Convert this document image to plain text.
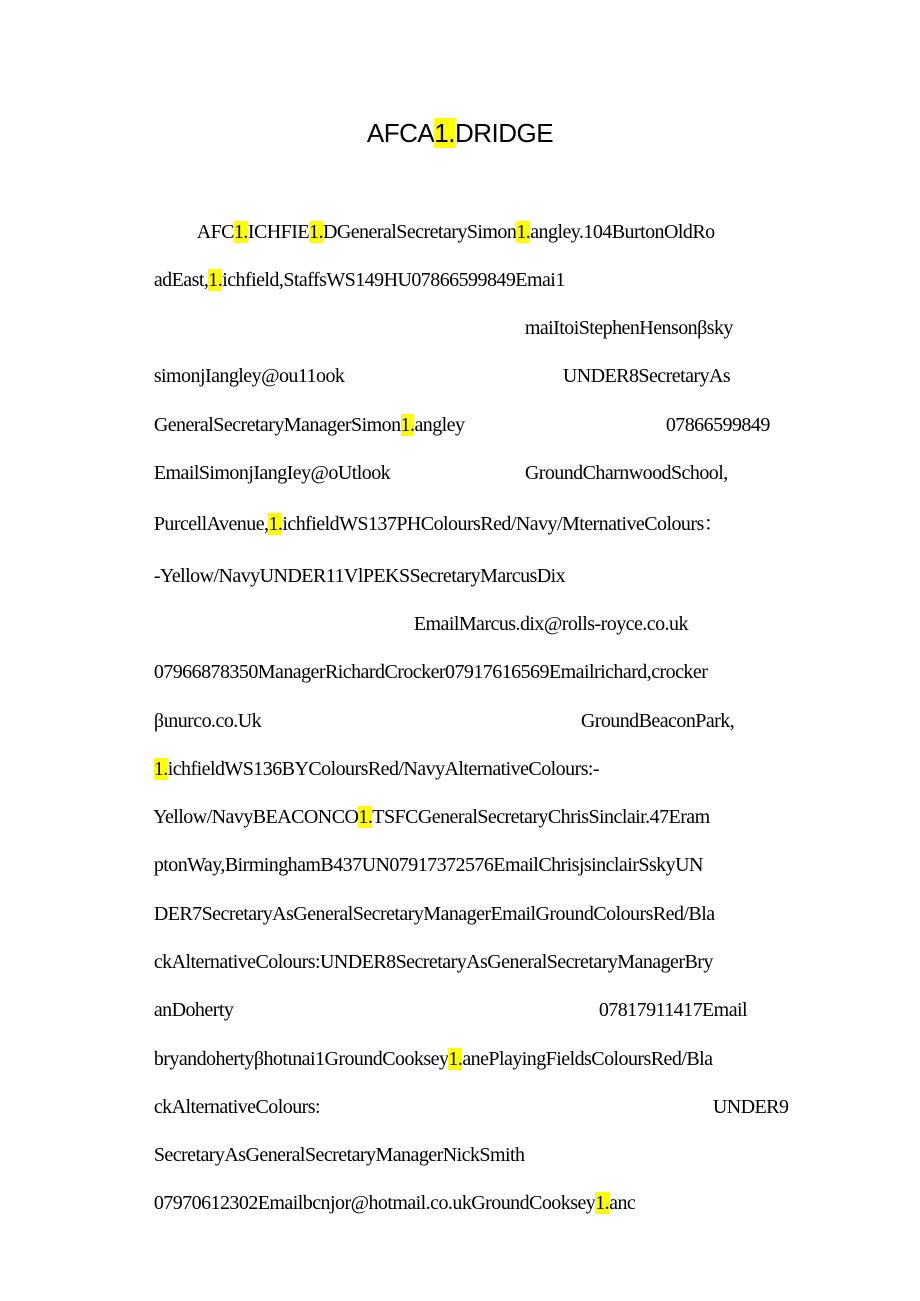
AFCA1.DRIDGE

AFC1.ICHFIE1.DGeneralSecretarySimon1.angley.104BurtonOldRo

adEast,1.ichfield,StaffsWS149HU07866599849Emai1

maiItoiStephenHensonβsky

simonjIangley@ou11ook
	UNDER8SecretaryAs

GeneralSecretaryManagerSimon1.angley
	07866599849

EmailSimonjIangIey@oUtlook
	GroundCharnwoodSchool,

PurcellAvenue,1.ichfieldWS137PHColoursRed/Navy/MternativeColours：

-Yellow/NavyUNDER11VlPEKSSecretaryMarcusDix

EmailMarcus.dix@rolls-royce.co.uk

07966878350ManagerRichardCrocker07917616569Emailrichard,crocker

βιnurco.co.Uk
	GroundBeaconPark,

1.ichfieldWS136BYColoursRed/NavyAlternativeColours:-

Yellow/NavyBEACONCO1.TSFCGeneralSecretaryChrisSinclair.47Eram

ptonWay,BirminghamB437UN07917372576EmailChrisjsinclairSskyUN

DER7SecretaryAsGeneralSecretaryManagerEmailGroundColoursRed/Bla

ckAlternativeColours:UNDER8SecretaryAsGeneralSecretaryManagerBry

anDoherty
	07817911417Email

bryandohertyβhotιnai1GroundCooksey1.anePlayingFieldsColoursRed/Bla

ckAlternativeColours:
	UNDER9

SecretaryAsGeneralSecretaryManagerNickSmith

07970612302Emailbcnjor@hotmail.co.ukGroundCooksey1.anc
